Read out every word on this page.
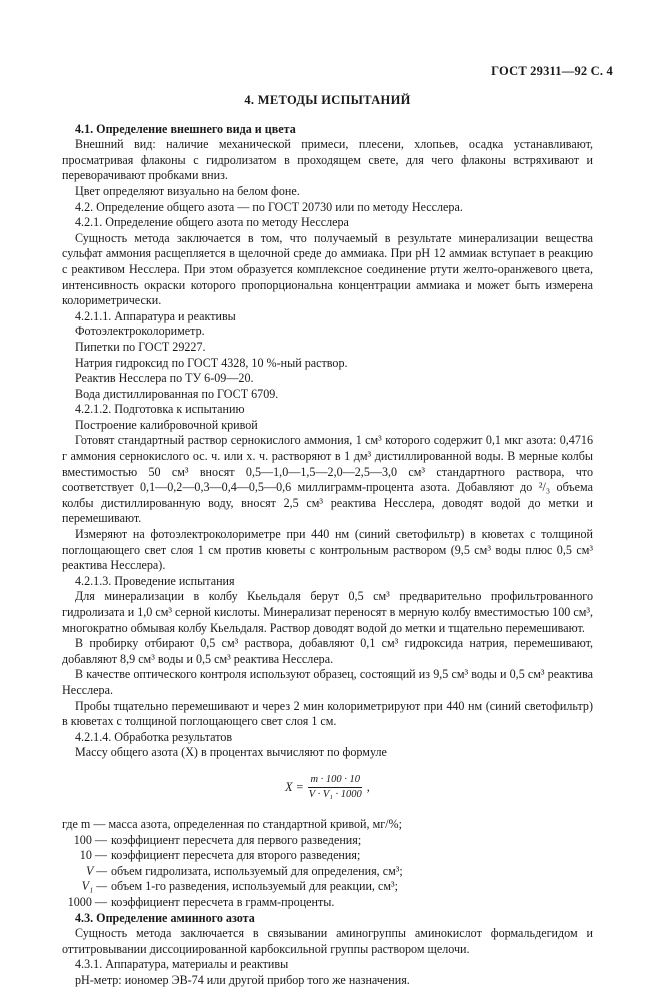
ГОСТ 29311—92 С. 4
4. МЕТОДЫ ИСПЫТАНИЙ

4.1. Определение внешнего вида и цвета

Внешний вид: наличие механической примеси, плесени, хлопьев, осадка устанавливают, просматривая флаконы с гидролизатом в проходящем свете, для чего флаконы встряхивают и переворачивают пробками вниз.

Цвет определяют визуально на белом фоне.

4.2. Определение общего азота — по ГОСТ 20730 или по методу Несслера.

4.2.1. Определение общего азота по методу Несслера

Сущность метода заключается в том, что получаемый в результате минерализации вещества сульфат аммония расщепляется в щелочной среде до аммиака. При рН 12 аммиак вступает в реакцию с реактивом Несслера. При этом образуется комплексное соединение ртути желто-оранжевого цвета, интенсивность окраски которого пропорциональна концентрации аммиака и может быть измерена колориметрически.

4.2.1.1. Аппаратура и реактивы

Фотоэлектроколориметр.

Пипетки по ГОСТ 29227.

Натрия гидроксид по ГОСТ 4328, 10 %-ный раствор.

Реактив Несслера по ТУ 6-09—20.

Вода дистиллированная по ГОСТ 6709.

4.2.1.2. Подготовка к испытанию

Построение калибровочной кривой

Готовят стандартный раствор сернокислого аммония, 1 см³ которого содержит 0,1 мкг азота: 0,4716 г аммония сернокислого ос. ч. или х. ч. растворяют в 1 дм³ дистиллированной воды. В мерные колбы вместимостью 50 см³ вносят 0,5—1,0—1,5—2,0—2,5—3,0 см³ стандартного раствора, что соответствует 0,1—0,2—0,3—0,4—0,5—0,6 миллиграмм-процента азота. Добавляют до ²/₃ объема колбы дистиллированную воду, вносят 2,5 см³ реактива Несслера, доводят водой до метки и перемешивают.

Измеряют на фотоэлектроколориметре при 440 нм (синий светофильтр) в кюветах с толщиной поглощающего свет слоя 1 см против кюветы с контрольным раствором (9,5 см³ воды плюс 0,5 см³ реактива Несслера).

4.2.1.3. Проведение испытания

Для минерализации в колбу Кьельдаля берут 0,5 см³ предварительно профильтрованного гидролизата и 1,0 см³ серной кислоты. Минерализат переносят в мерную колбу вместимостью 100 см³, многократно обмывая колбу Кьельдаля. Раствор доводят водой до метки и тщательно перемешивают.

В пробирку отбирают 0,5 см³ раствора, добавляют 0,1 см³ гидроксида натрия, перемешивают, добавляют 8,9 см³ воды и 0,5 см³ реактива Несслера.

В качестве оптического контроля используют образец, состоящий из 9,5 см³ воды и 0,5 см³ реактива Несслера.

Пробы тщательно перемешивают и через 2 мин колориметрируют при 440 нм (синий светофильтр) в кюветах с толщиной поглощающего свет слоя 1 см.

4.2.1.4. Обработка результатов

Массу общего азота (X) в процентах вычисляют по формуле

$X = \frac{m \cdot 100 \cdot 10}{\text{V · V₁ · 1000}}$ ,
где m —
масса азота, определенная по стандартной кривой, мг/%;
100 — коэффициент пересчета для первого разведения;
10 — коэффициент пересчета для второго разведения;
V — объем гидролизата, используемый для определения, см³;
V₁ — объем 1-го разведения, используемый для реакции, см³;
1000 — коэффициент пересчета в грамм-проценты.

4.3. Определение аминного азота

Сущность метода заключается в связывании аминогруппы аминокислот формальдегидом и оттитровывании диссоциированной карбоксильной группы раствором щелочи.

4.3.1. Аппаратура, материалы и реактивы

рН-метр: иономер ЭВ-74 или другой прибор того же назначения.
